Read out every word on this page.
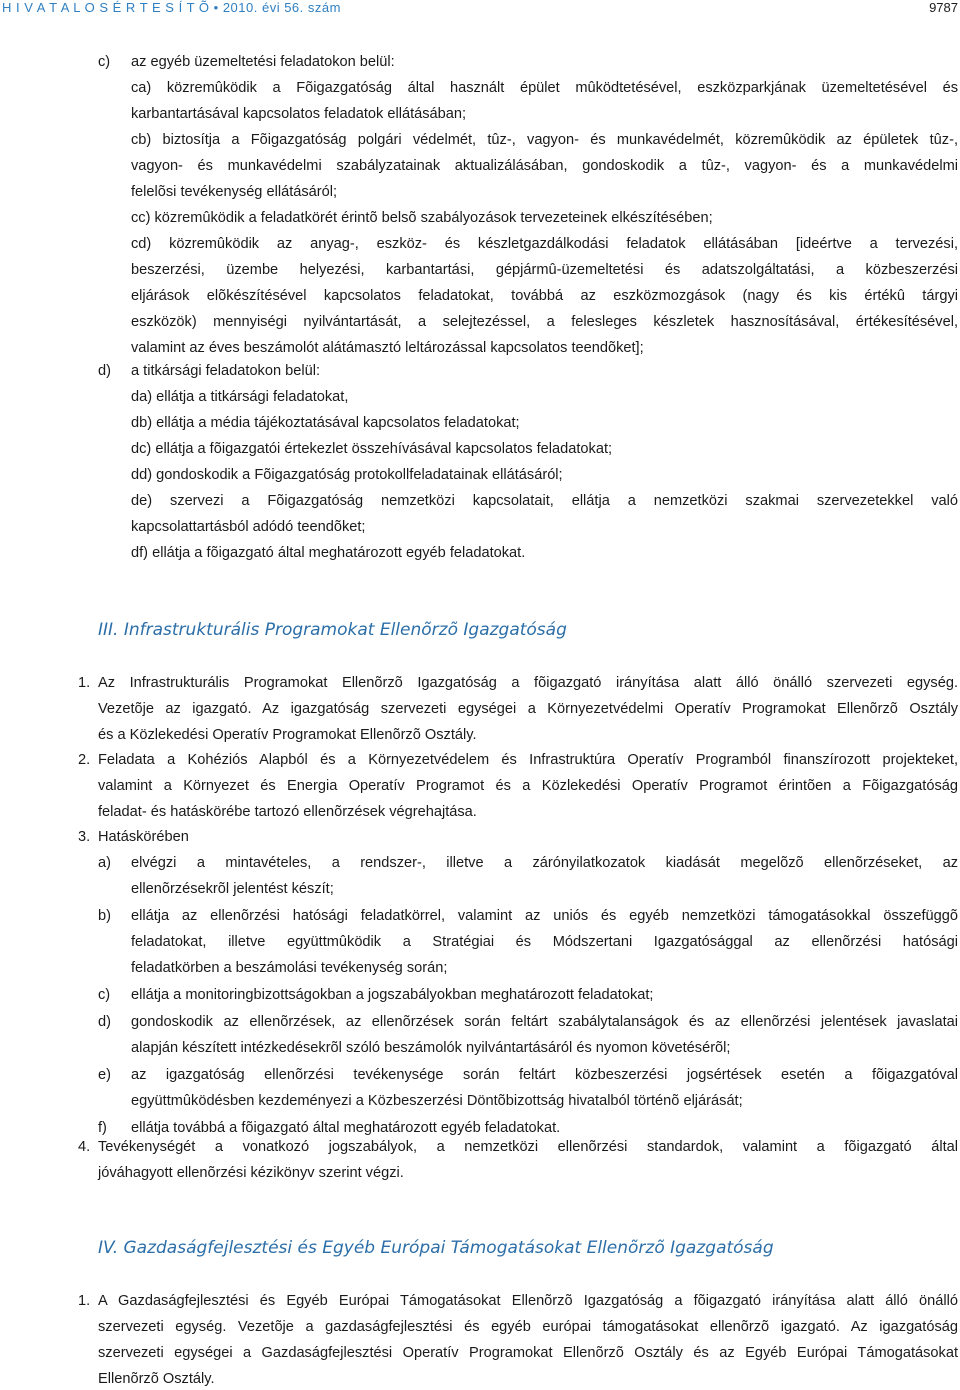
H I V A T A L O S É R T E S Í T Õ • 2010. évi 56. szám	9787
c) az egyéb üzemeltetési feladatokon belül:
ca) közremûködik a Fõigazgatóság által használt épület mûködtetésével, eszközparkjának üzemeltetésével és
karbantartásával kapcsolatos feladatok ellátásában;
cb) biztosítja a Fõigazgatóság polgári védelmét, tûz-, vagyon- és munkavédelmét, közremûködik az épületek tûz-,
vagyon- és munkavédelmi szabályzatainak aktualizálásában, gondoskodik a tûz-, vagyon- és a munkavédelmi
felelõsi tevékenység ellátásáról;
cc) közremûködik a feladatkörét érintõ belsõ szabályozások tervezeteinek elkészítésében;
cd) közremûködik az anyag-, eszköz- és készletgazdálkodási feladatok ellátásában [ideértve a tervezési,
beszerzési, üzembe helyezési, karbantartási, gépjármû-üzemeltetési és adatszolgáltatási, a közbeszerzési
eljárások elõkészítésével kapcsolatos feladatokat, továbbá az eszközmozgások (nagy és kis értékû tárgyi
eszközök) mennyiségi nyilvántartását, a selejtezéssel, a felesleges készletek hasznosításával, értékesítésével,
valamint az éves beszámolót alátámasztó leltározással kapcsolatos teendõket];
d) a titkársági feladatokon belül:
da) ellátja a titkársági feladatokat,
db) ellátja a média tájékoztatásával kapcsolatos feladatokat;
dc) ellátja a fõigazgatói értekezlet összehívásával kapcsolatos feladatokat;
dd) gondoskodik a Fõigazgatóság protokollfeladatainak ellátásáról;
de) szervezi a Fõigazgatóság nemzetközi kapcsolatait, ellátja a nemzetközi szakmai szervezetekkel való
kapcsolattartásból adódó teendõket;
df) ellátja a fõigazgató által meghatározott egyéb feladatokat.
III. Infrastrukturális Programokat Ellenõrzõ Igazgatóság
1. Az Infrastrukturális Programokat Ellenõrzõ Igazgatóság a fõigazgató irányítása alatt álló önálló szervezeti egység.
Vezetõje az igazgató. Az igazgatóság szervezeti egységei a Környezetvédelmi Operatív Programokat Ellenõrzõ Osztály
és a Közlekedési Operatív Programokat Ellenõrzõ Osztály.
2. Feladata a Kohéziós Alapból és a Környezetvédelem és Infrastruktúra Operatív Programból finanszírozott projekteket,
valamint a Környezet és Energia Operatív Programot és a Közlekedési Operatív Programot érintõen a Fõigazgatóság
feladat- és hatáskörébe tartozó ellenõrzések végrehajtása.
3. Hatáskörében
a) elvégzi a mintavételes, a rendszer-, illetve a zárónyilatkozatok kiadását megelõzõ ellenõrzéseket, az
ellenõrzésekrõl jelentést készít;
b) ellátja az ellenõrzési hatósági feladatkörrel, valamint az uniós és egyéb nemzetközi támogatásokkal összefüggõ
feladatokat, illetve együttmûködik a Stratégiai és Módszertani Igazgatósággal az ellenõrzési hatósági
feladatkörben a beszámolási tevékenység során;
c) ellátja a monitoringbizottságokban a jogszabályokban meghatározott feladatokat;
d) gondoskodik az ellenõrzések, az ellenõrzések során feltárt szabálytalanságok és az ellenõrzési jelentések javaslatai
alapján készített intézkedésekrõl szóló beszámolók nyilvántartásáról és nyomon követésérõl;
e) az igazgatóság ellenõrzési tevékenysége során feltárt közbeszerzési jogsértések esetén a fõigazgatóval
együttmûködésben kezdeményezi a Közbeszerzési Döntõbizottság hivatalból történõ eljárását;
f) ellátja továbbá a fõigazgató által meghatározott egyéb feladatokat.
4. Tevékenységét a vonatkozó jogszabályok, a nemzetközi ellenõrzési standardok, valamint a fõigazgató által
jóváhagyott ellenõrzési kézikönyv szerint végzi.
IV. Gazdaságfejlesztési és Egyéb Európai Támogatásokat Ellenõrzõ Igazgatóság
1. A Gazdaságfejlesztési és Egyéb Európai Támogatásokat Ellenõrzõ Igazgatóság a fõigazgató irányítása alatt álló önálló
szervezeti egység. Vezetõje a gazdaságfejlesztési és egyéb európai támogatásokat ellenõrzõ igazgató. Az igazgatóság
szervezeti egységei a Gazdaságfejlesztési Operatív Programokat Ellenõrzõ Osztály és az Egyéb Európai Támogatásokat
Ellenõrzõ Osztály.
